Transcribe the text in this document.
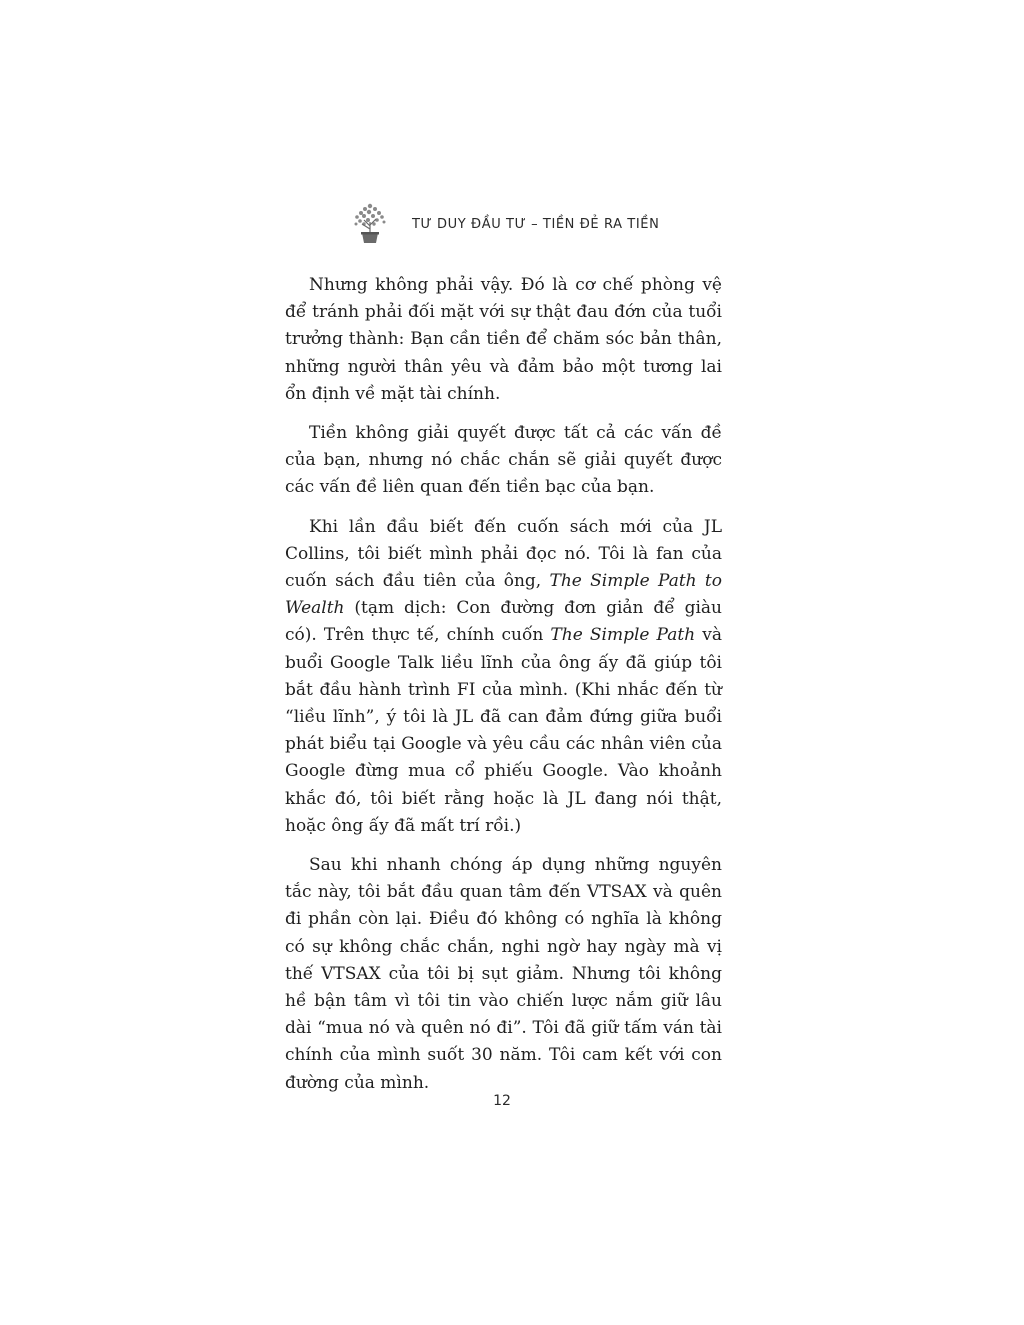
TƯ DUY ĐẦU TƯ – TIỀN ĐẺ RA TIỀN

Nhưng không phải vậy. Đó là cơ chế phòng vệ để tránh phải đối mặt với sự thật đau đớn của tuổi trưởng thành: Bạn cần tiền để chăm sóc bản thân, những người thân yêu và đảm bảo một tương lai ổn định về mặt tài chính.

Tiền không giải quyết được tất cả các vấn đề của bạn, nhưng nó chắc chắn sẽ giải quyết được các vấn đề liên quan đến tiền bạc của bạn.

Khi lần đầu biết đến cuốn sách mới của JL Collins, tôi biết mình phải đọc nó. Tôi là fan của cuốn sách đầu tiên của ông, The Simple Path to Wealth (tạm dịch: Con đường đơn giản để giàu có). Trên thực tế, chính cuốn The Simple Path và buổi Google Talk liều lĩnh của ông ấy đã giúp tôi bắt đầu hành trình FI của mình. (Khi nhắc đến từ “liều lĩnh”, ý tôi là JL đã can đảm đứng giữa buổi phát biểu tại Google và yêu cầu các nhân viên của Google đừng mua cổ phiếu Google. Vào khoảnh khắc đó, tôi biết rằng hoặc là JL đang nói thật, hoặc ông ấy đã mất trí rồi.)

Sau khi nhanh chóng áp dụng những nguyên tắc này, tôi bắt đầu quan tâm đến VTSAX và quên đi phần còn lại. Điều đó không có nghĩa là không có sự không chắc chắn, nghi ngờ hay ngày mà vị thế VTSAX của tôi bị sụt giảm. Nhưng tôi không hề bận tâm vì tôi tin vào chiến lược nắm giữ lâu dài “mua nó và quên nó đi”. Tôi đã giữ tấm ván tài chính của mình suốt 30 năm. Tôi cam kết với con đường của mình.

12
